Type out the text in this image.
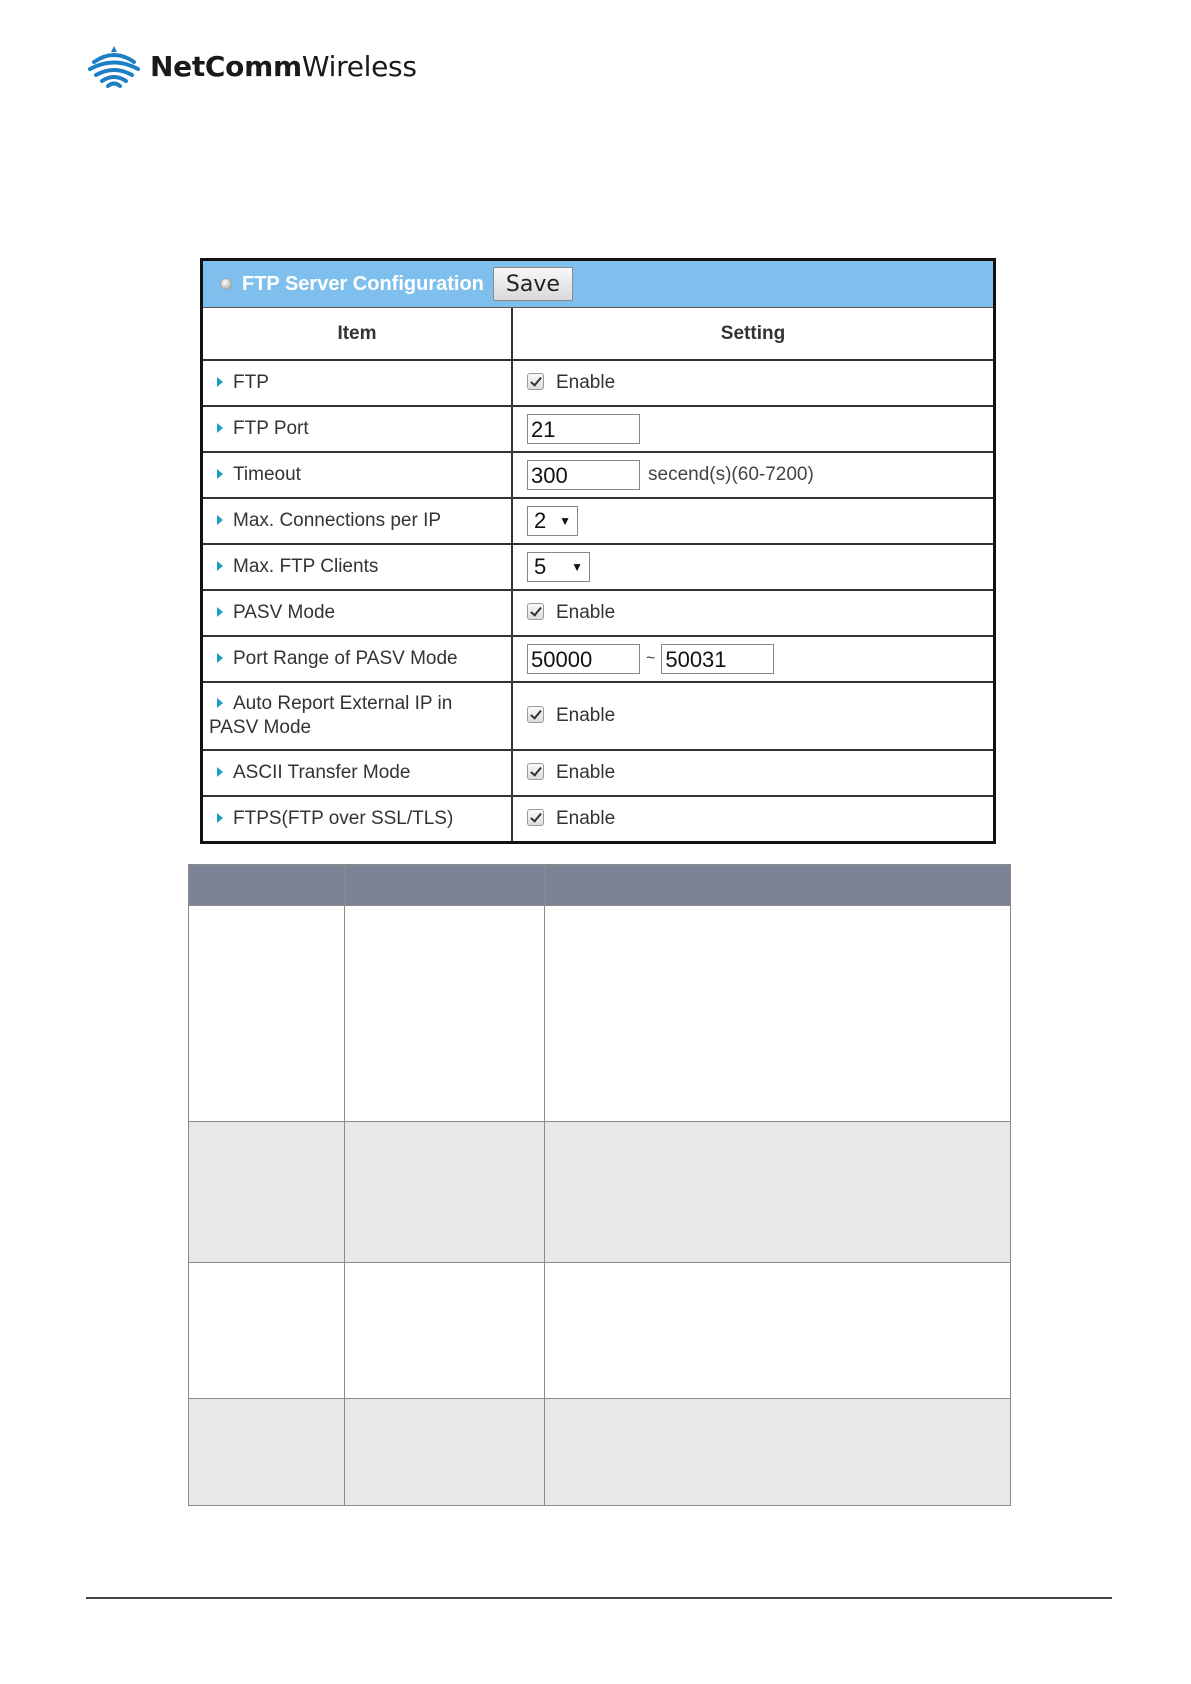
NetCommWireless
FTP Server Configuration	Save
Item	Setting
FTP	Enable
FTP Port	21
Timeout	300 secend(s)(60-7200)
Max. Connections per IP	2 ▼

Max. FTP Clients	5 ▼

PASV Mode	Enable
Port Range of PASV Mode	50000 ~ 50031
Auto Report External IP in
PASV Mode	Enable
ASCII Transfer Mode	Enable
FTPS(FTP over SSL/TLS)	Enable
